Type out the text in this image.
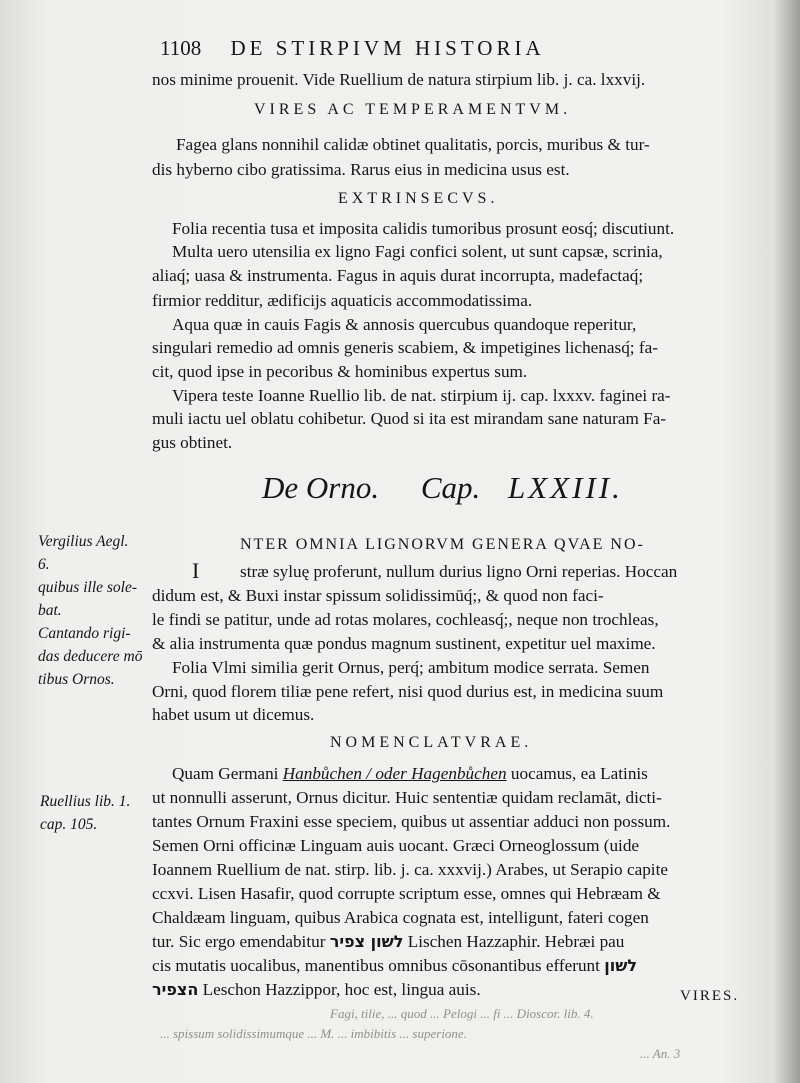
1108 DE STIRPIVM HISTORIA
nos minime prouenit. Vide Ruellium de natura stirpium lib. j. ca. lxxvij.
VIRES AC TEMPERAMENTVM.
Fagea glans nonnihil calidæ obtinet qualitatis, porcis, muribus & tur-
dis hyberno cibo gratissima. Rarus eius in medicina usus est.
EXTRINSECVS.
Folia recentia tusa et imposita calidis tumoribus prosunt eosq́; discutiunt.
Multa uero utensilia ex ligno Fagi confici solent, ut sunt capsæ, scrinia,
aliaq́; uasa & instrumenta. Fagus in aquis durat incorrupta, madefactaq́;
firmior redditur, ædificijs aquaticis accommodatissima.
Aqua quæ in cauis Fagis & annosis quercubus quandoque reperitur,
singulari remedio ad omnis generis scabiem, & impetigines lichenasq́; fa-
cit, quod ipse in pecoribus & hominibus expertus sum.
Vipera teste Ioanne Ruellio lib. de nat. stirpium ij. cap. lxxxv. faginei ra-
muli iactu uel oblatu cohibetur. Quod si ita est mirandam sane naturam Fa-
gus obtinet.
De Orno. Cap. LXXIII.
Vergilius Aegl.
6.
quibus ille sole-
bat.
Cantando rigi-
das deducere mō
tibus Ornos.
Ruellius lib. 1.
cap. 105.
I
NTER OMNIA LIGNORVM GENERA QVAE NO-
stræ syluę proferunt, nullum durius ligno Orni reperias. Hoccan
didum est, & Buxi instar spissum solidissimūq́;, & quod non faci-
le findi se patitur, unde ad rotas molares, cochleasq́;, neque non trochleas,
& alia instrumenta quæ pondus magnum sustinent, expetitur uel maxime.
Folia Vlmi similia gerit Ornus, perq́; ambitum modice serrata. Semen
Orni, quod florem tiliæ pene refert, nisi quod durius est, in medicina suum
habet usum ut dicemus.
NOMENCLATVRAE.
Quam Germani Hanbůchen / oder Hagenbůchen uocamus, ea Latinis
ut nonnulli asserunt, Ornus dicitur. Huic sententiæ quidam reclamāt, dicti-
tantes Ornum Fraxini esse speciem, quibus ut assentiar adduci non possum.
Semen Orni officinæ Linguam auis uocant. Græci Orneoglossum (uide
Ioannem Ruellium de nat. stirp. lib. j. ca. xxxvij.) Arabes, ut Serapio capite
ccxvi. Lisen Hasafir, quod corrupte scriptum esse, omnes qui Hebræam &
Chaldæam linguam, quibus Arabica cognata est, intelligunt, fateri cogen
tur. Sic ergo emendabitur לשון צפיר Lischen Hazzaphir. Hebræi pau
cis mutatis uocalibus, manentibus omnibus cōsonantibus efferunt לשון
הצפיר Leschon Hazzippor, hoc est, lingua auis.
Fagi, tilie, ... quod ... Pelogi ... fi ... Dioscor. lib. 4.
... spissum solidissimumque ... M. ... imbibitis ... superione.
... An. 3
VIRES.
